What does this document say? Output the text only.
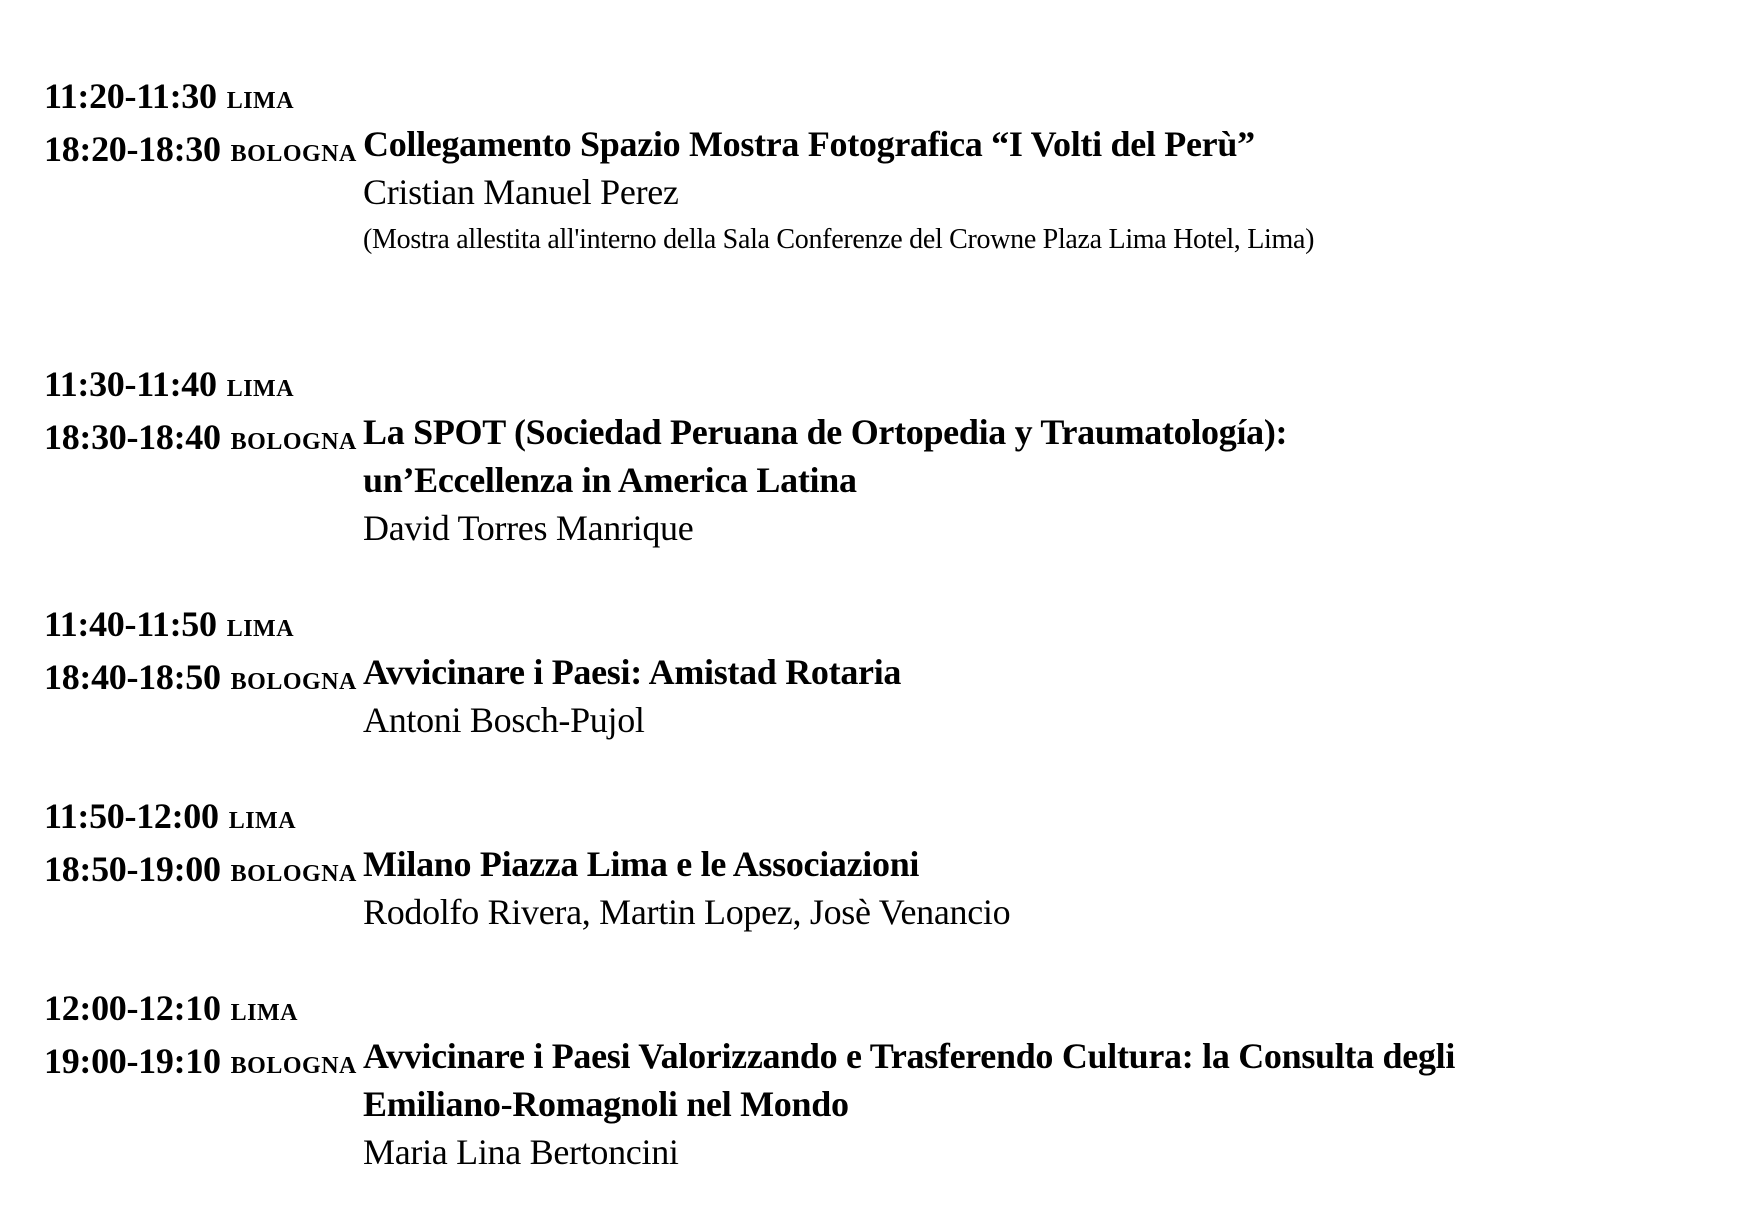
11:20-11:30 LIMA
18:20-18:30 BOLOGNA Collegamento Spazio Mostra Fotografica “I Volti del Perù”
Cristian Manuel Perez
(Mostra allestita all'interno della Sala Conferenze del Crowne Plaza Lima Hotel, Lima)
11:30-11:40 LIMA
18:30-18:40 BOLOGNA La SPOT (Sociedad Peruana de Ortopedia y Traumatología):
un’Eccellenza in America Latina
David Torres Manrique
11:40-11:50 LIMA
18:40-18:50 BOLOGNA Avvicinare i Paesi: Amistad Rotaria
Antoni Bosch-Pujol
11:50-12:00 LIMA
18:50-19:00 BOLOGNA Milano Piazza Lima e le Associazioni
Rodolfo Rivera, Martin Lopez, Josè Venancio
12:00-12:10 LIMA
19:00-19:10 BOLOGNA Avvicinare i Paesi Valorizzando e Trasferendo Cultura: la Consulta degli
Emiliano-Romagnoli nel Mondo
Maria Lina Bertoncini
